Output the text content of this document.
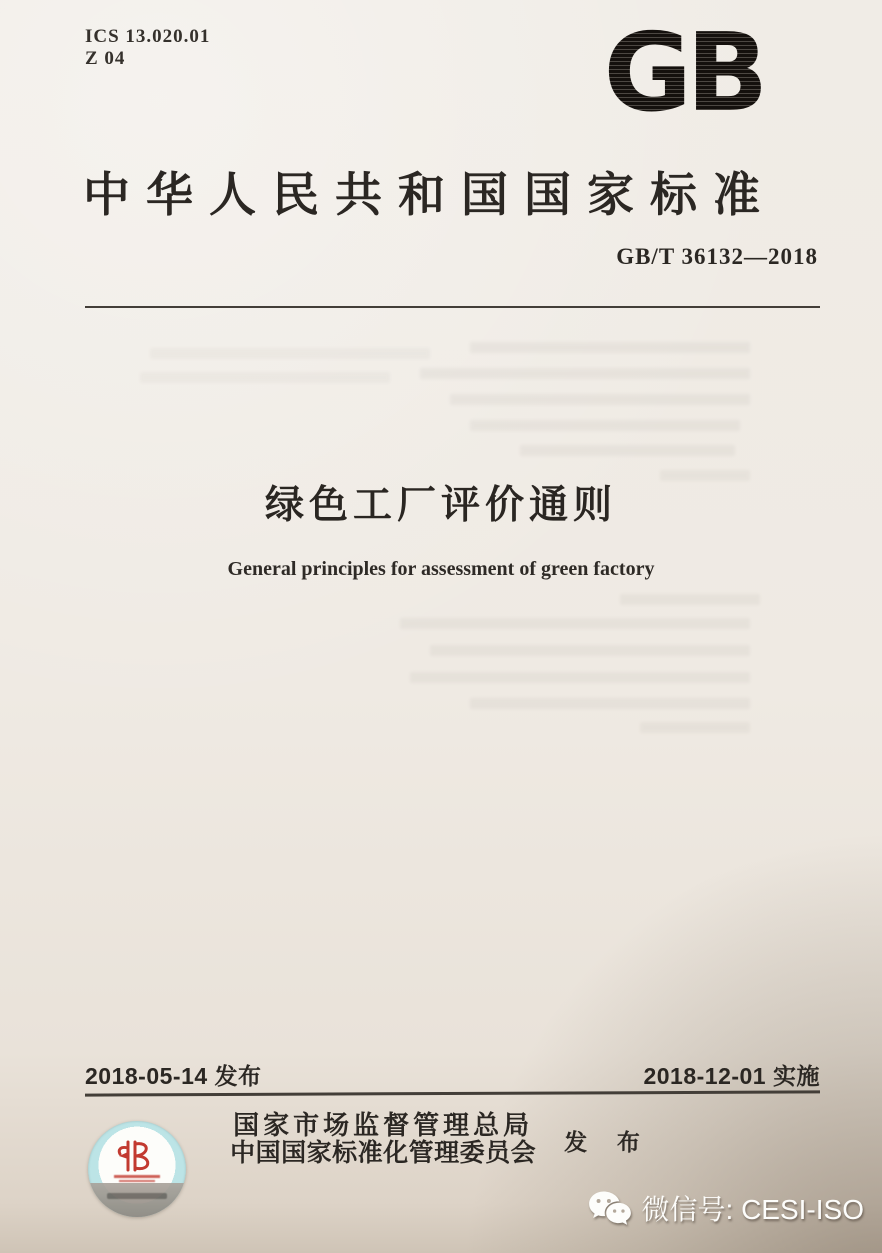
ICS 13.020.01
Z 04	GB
中华人民共和国国家标准
GB/T 36132—2018
绿色工厂评价通则
General principles for assessment of green factory
2018-05-14 发布	2018-12-01 实施
国家市场监督管理总局
中国国家标准化管理委员会 发 布
微信号: CESI-ISO
